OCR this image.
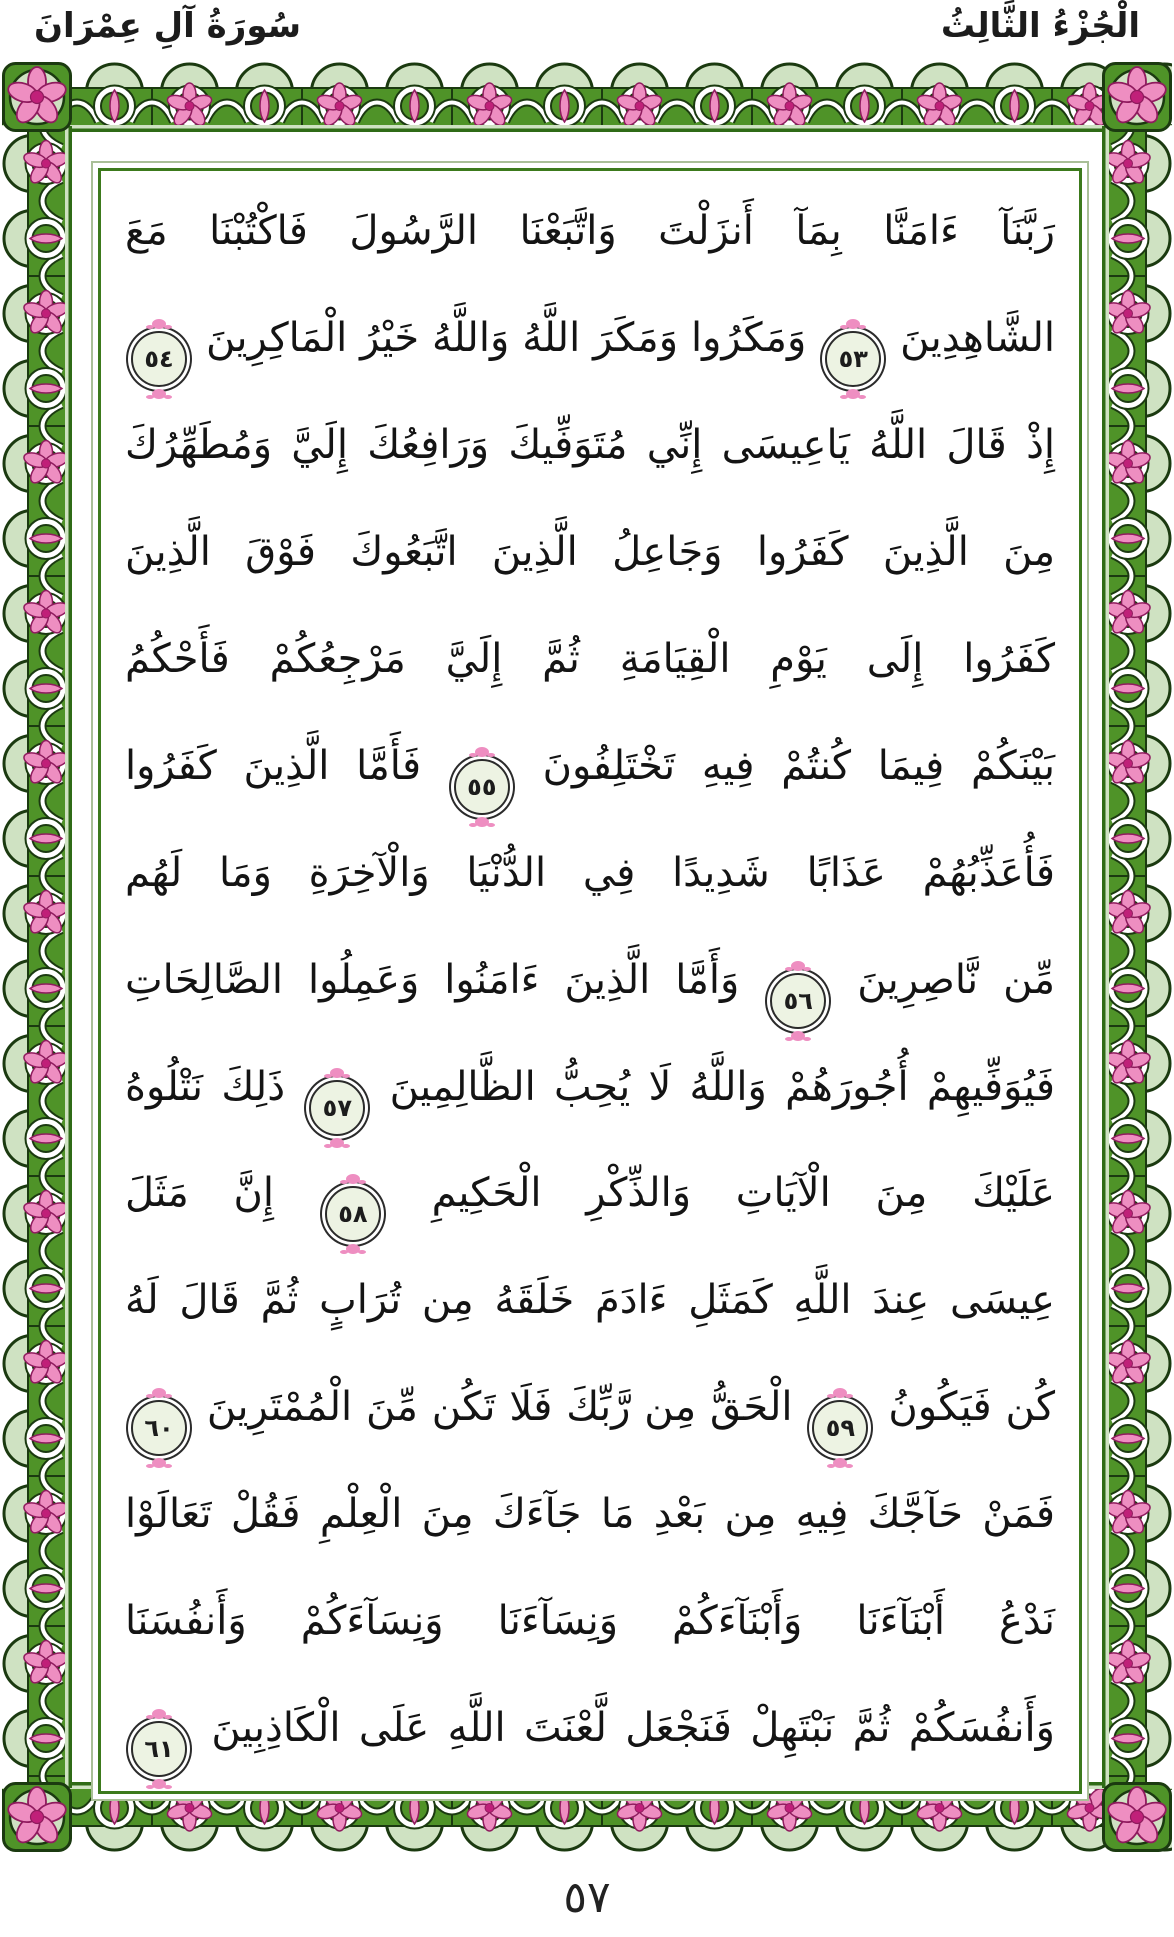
الْجُزْءُ الثَّالِثُ
سُورَةُ آلِ عِمْرَانَ
رَبَّنَآ ءَامَنَّا بِمَآ أَنزَلْتَ وَاتَّبَعْنَا الرَّسُولَ فَاكْتُبْنَا مَعَ
الشَّاهِدِينَ ٥٣ وَمَكَرُوا وَمَكَرَ اللَّهُ وَاللَّهُ خَيْرُ الْمَاكِرِينَ ٥٤
إِذْ قَالَ اللَّهُ يَاعِيسَى إِنِّي مُتَوَفِّيكَ وَرَافِعُكَ إِلَيَّ وَمُطَهِّرُكَ
مِنَ الَّذِينَ كَفَرُوا وَجَاعِلُ الَّذِينَ اتَّبَعُوكَ فَوْقَ الَّذِينَ
كَفَرُوا إِلَى يَوْمِ الْقِيَامَةِ ثُمَّ إِلَيَّ مَرْجِعُكُمْ فَأَحْكُمُ
بَيْنَكُمْ فِيمَا كُنتُمْ فِيهِ تَخْتَلِفُونَ ٥٥ فَأَمَّا الَّذِينَ كَفَرُوا
فَأُعَذِّبُهُمْ عَذَابًا شَدِيدًا فِي الدُّنْيَا وَالْآخِرَةِ وَمَا لَهُم
مِّن نَّاصِرِينَ ٥٦ وَأَمَّا الَّذِينَ ءَامَنُوا وَعَمِلُوا الصَّالِحَاتِ
فَيُوَفِّيهِمْ أُجُورَهُمْ وَاللَّهُ لَا يُحِبُّ الظَّالِمِينَ ٥٧ ذَلِكَ نَتْلُوهُ
عَلَيْكَ مِنَ الْآيَاتِ وَالذِّكْرِ الْحَكِيمِ ٥٨ إِنَّ مَثَلَ
عِيسَى عِندَ اللَّهِ كَمَثَلِ ءَادَمَ خَلَقَهُ مِن تُرَابٍ ثُمَّ قَالَ لَهُ
كُن فَيَكُونُ ٥٩ الْحَقُّ مِن رَّبِّكَ فَلَا تَكُن مِّنَ الْمُمْتَرِينَ ٦٠
فَمَنْ حَآجَّكَ فِيهِ مِن بَعْدِ مَا جَآءَكَ مِنَ الْعِلْمِ فَقُلْ تَعَالَوْا
نَدْعُ أَبْنَآءَنَا وَأَبْنَآءَكُمْ وَنِسَآءَنَا وَنِسَآءَكُمْ وَأَنفُسَنَا
وَأَنفُسَكُمْ ثُمَّ نَبْتَهِلْ فَنَجْعَل لَّعْنَتَ اللَّهِ عَلَى الْكَاذِبِينَ ٦١
٥٧
